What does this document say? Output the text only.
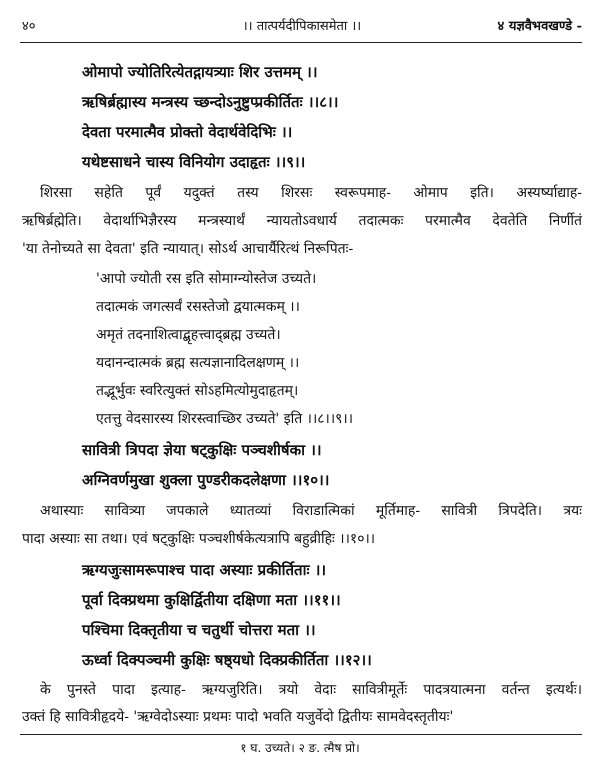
४०	।। तात्पर्यदीपिकासमेता ।।	४ यज्ञवैभवखण्डे -
ओमापो ज्योतिरित्येतद्गायत्र्याः शिर उत्तमम् ।।
ऋषिर्ब्रह्मास्य मन्त्रस्य च्छन्दोऽनुष्टुप्प्रकीर्तितः ।।८।।
देवता परमात्मैव प्रोक्तो वेदार्थवेदिभिः ।।
यथेष्टसाधने चास्य विनियोग उदाहृतः ।।९।।
शिरसा सहेति पूर्वं यदुक्तं तस्य शिरसः स्वरूपमाह- ओमाप इति। अस्यर्ष्याद्याह-
ऋषिर्ब्रह्मेति। वेदार्थाभिज्ञैरस्य मन्त्रस्यार्थं न्यायतोऽवधार्य तदात्मकः परमात्मैव देवतेति निर्णीतं
'या तेनोच्यते सा देवता' इति न्यायात्। सोऽर्थ आचार्यैरित्थं निरूपितः-
'आपो ज्योती रस इति सोमाग्न्योस्तेज उच्यते।
तदात्मकं जगत्सर्वं रसस्तेजो द्वयात्मकम् ।।
अमृतं तदनाशित्वाद्बृहत्त्वाद्ब्रह्म उच्यते।
यदानन्दात्मकं ब्रह्म सत्यज्ञानादिलक्षणम् ।।
तद्भूर्भुवः स्वरित्युक्तं सोऽहमित्योमुदाहृतम्।
एतत्तु वेदसारस्य शिरस्त्वाच्छिर उच्यते' इति ।।८।।९।।
सावित्री त्रिपदा ज्ञेया षट्कुक्षिः पञ्चशीर्षका ।।
अग्निवर्णमुखा शुक्ला पुण्डरीकदलेक्षणा ।।१०।।
अथास्याः सावित्र्या जपकाले ध्यातव्यां विराडात्मिकां मूर्तिमाह- सावित्री त्रिपदेति। त्रयः
पादा अस्याः सा तथा। एवं षट्कुक्षिः पञ्चशीर्षकेत्यत्रापि बहुव्रीहिः ।।१०।।
ऋग्यजुःसामरूपाश्च पादा अस्याः प्रकीर्तिताः ।।
पूर्वा दिक्प्रथमा कुक्षिर्द्वितीया दक्षिणा मता ।।११।।
पश्चिमा दिक्तृतीया च चतुर्थी चोत्तरा मता ।।
ऊर्ध्वा दिक्पञ्चमी कुक्षिः षष्ठ्यधो दिक्प्रकीर्तिता ।।१२।।
के पुनस्ते पादा इत्याह- ऋग्यजुरिति। त्रयो वेदाः सावित्रीमूर्तेः पादत्रयात्मना वर्तन्त इत्यर्थः।
उक्तं हि सावित्रीहृदये- 'ऋग्वेदोऽस्याः प्रथमः पादो भवति यजुर्वेदो द्वितीयः सामवेदस्तृतीयः'
१ घ. उच्यते। २ ङ. त्मैष प्रो।
